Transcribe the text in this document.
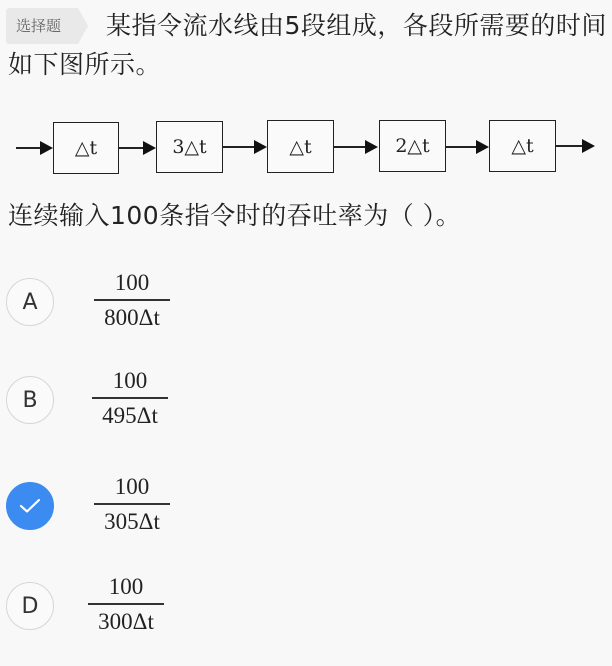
选择题	某指令流水线由5段组成，各段所需要的时间如下图所示。
△t	3△t	△t	2△t	△t
连续输入100条指令时的吞吐率为（ ）。
A
100
800Δt
B
100
495Δt
100
305Δt
D
100
300Δt
